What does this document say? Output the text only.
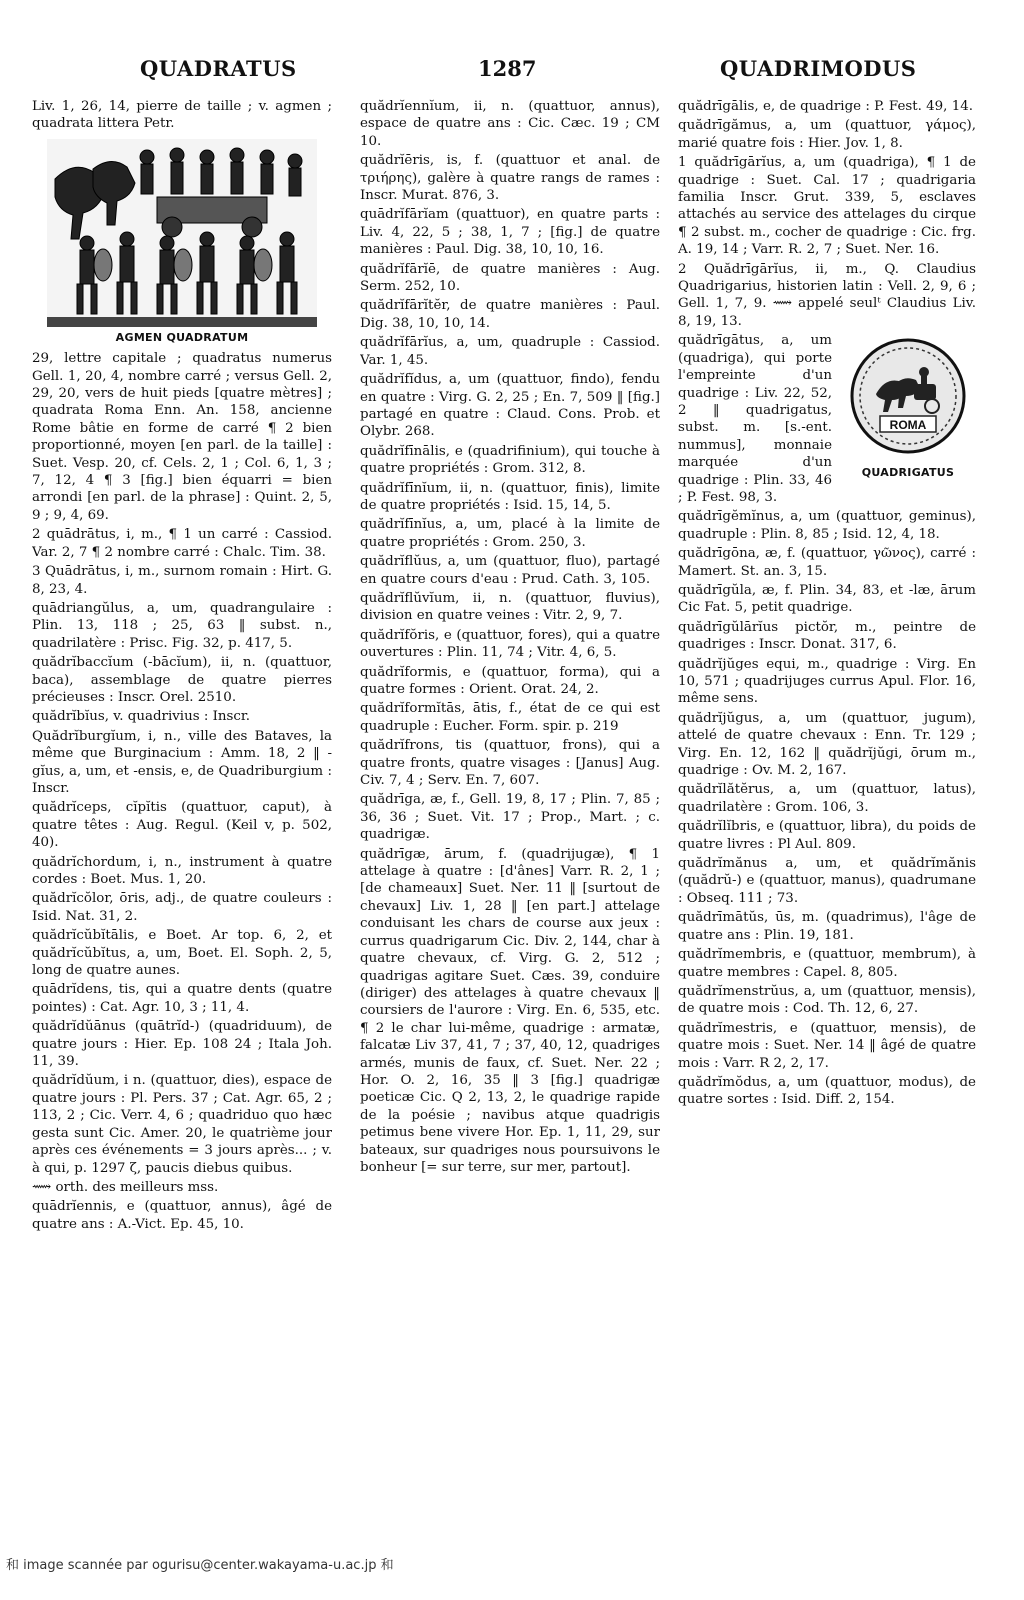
QUADRATUS	1287	QUADRIMODUS

Liv. 1, 26, 14, pierre de taille ; v. agmen ; quadrata littera Petr.

AGMEN QUADRATUM

29, lettre capitale ; quadratus numerus Gell. 1, 20, 4, nombre carré ; versus Gell. 2, 29, 20, vers de huit pieds [quatre mètres] ; quadrata Roma Enn. An. 158, ancienne Rome bâtie en forme de carré ¶ 2 bien proportionné, moyen [en parl. de la taille] : Suet. Vesp. 20, cf. Cels. 2, 1 ; Col. 6, 1, 3 ; 7, 12, 4 ¶ 3 [fig.] bien équarri = bien arrondi [en parl. de la phrase] : Quint. 2, 5, 9 ; 9, 4, 69.

2 quādrātus, i, m., ¶ 1 un carré : Cassiod. Var. 2, 7 ¶ 2 nombre carré : Chalc. Tim. 38.

3 Quādrātus, i, m., surnom romain : Hirt. G. 8, 23, 4.

quādriangŭlus, a, um, quadrangulaire : Plin. 13, 118 ; 25, 63 ‖ subst. n., quadrilatère : Prisc. Fig. 32, p. 417, 5.

quădrĭbaccĭum (-bācĭum), ii, n. (quattuor, baca), assemblage de quatre pierres précieuses : Inscr. Orel. 2510.

quădrĭbĭus, v. quadrivius : Inscr.

Quădrĭburgĭum, i, n., ville des Bataves, la même que Burginacium : Amm. 18, 2 ‖ -gĭus, a, um, et -ensis, e, de Quadriburgium : Inscr.

quădrĭceps, cĭpĭtis (quattuor, caput), à quatre têtes : Aug. Regul. (Keil v, p. 502, 40).

quădrĭchordum, i, n., instrument à quatre cordes : Boet. Mus. 1, 20.

quădrĭcŏlor, ōris, adj., de quatre couleurs : Isid. Nat. 31, 2.

quădrĭcŭbĭtālis, e Boet. Ar top. 6, 2, et quădrĭcŭbĭtus, a, um, Boet. El. Soph. 2, 5, long de quatre aunes.

quādrĭdens, tis, qui a quatre dents (quatre pointes) : Cat. Agr. 10, 3 ; 11, 4.

quădrĭdŭānus (quātrĭd-) (quadriduum), de quatre jours : Hier. Ep. 108 24 ; Itala Joh. 11, 39.

quădrĭdŭum, i n. (quattuor, dies), espace de quatre jours : Pl. Pers. 37 ; Cat. Agr. 65, 2 ; 113, 2 ; Cic. Verr. 4, 6 ; quadriduo quo hæc gesta sunt Cic. Amer. 20, le quatrième jour après ces événements = 3 jours après... ; v. à qui, p. 1297 ζ, paucis diebus quibus.

⟿ orth. des meilleurs mss.

quādrĭennis, e (quattuor, annus), âgé de quatre ans : A.-Vict. Ep. 45, 10.

quădrĭennĭum, ii, n. (quattuor, annus), espace de quatre ans : Cic. Cæc. 19 ; CM 10.

quădrĭēris, is, f. (quattuor et anal. de τριήρης), galère à quatre rangs de rames : Inscr. Murat. 876, 3.

quādrĭfārĭam (quattuor), en quatre parts : Liv. 4, 22, 5 ; 38, 1, 7 ; [fig.] de quatre manières : Paul. Dig. 38, 10, 10, 16.

quădrĭfārĭē, de quatre manières : Aug. Serm. 252, 10.

quădrĭfārĭtĕr, de quatre manières : Paul. Dig. 38, 10, 10, 14.

quădrĭfārĭus, a, um, quadruple : Cassiod. Var. 1, 45.

quădrĭfĭdus, a, um (quattuor, findo), fendu en quatre : Virg. G. 2, 25 ; En. 7, 509 ‖ [fig.] partagé en quatre : Claud. Cons. Prob. et Olybr. 268.

quădrĭfīnālis, e (quadrifinium), qui touche à quatre propriétés : Grom. 312, 8.

quădrĭfīnĭum, ii, n. (quattuor, finis), limite de quatre propriétés : Isid. 15, 14, 5.

quădrĭfīnĭus, a, um, placé à la limite de quatre propriétés : Grom. 250, 3.

quădrĭflŭus, a, um (quattuor, fluo), partagé en quatre cours d'eau : Prud. Cath. 3, 105.

quădrĭflŭvĭum, ii, n. (quattuor, fluvius), division en quatre veines : Vitr. 2, 9, 7.

quădrĭfŏris, e (quattuor, fores), qui a quatre ouvertures : Plin. 11, 74 ; Vitr. 4, 6, 5.

quădrĭformis, e (quattuor, forma), qui a quatre formes : Orient. Orat. 24, 2.

quădrĭformĭtās, ātis, f., état de ce qui est quadruple : Eucher. Form. spir. p. 219

quădrĭfrons, tis (quattuor, frons), qui a quatre fronts, quatre visages : [Janus] Aug. Civ. 7, 4 ; Serv. En. 7, 607.

quădrīga, æ, f., Gell. 19, 8, 17 ; Plin. 7, 85 ; 36, 36 ; Suet. Vit. 17 ; Prop., Mart. ; c. quadrigæ.

quădrīgæ, ārum, f. (quadrijugæ), ¶ 1 attelage à quatre : [d'ânes] Varr. R. 2, 1 ; [de chameaux] Suet. Ner. 11 ‖ [surtout de chevaux] Liv. 1, 28 ‖ [en part.] attelage conduisant les chars de course aux jeux : currus quadrigarum Cic. Div. 2, 144, char à quatre chevaux, cf. Virg. G. 2, 512 ; quadrigas agitare Suet. Cæs. 39, conduire (diriger) des attelages à quatre chevaux ‖ coursiers de l'aurore : Virg. En. 6, 535, etc. ¶ 2 le char lui-même, quadrige : armatæ, falcatæ Liv 37, 41, 7 ; 37, 40, 12, quadriges armés, munis de faux, cf. Suet. Ner. 22 ; Hor. O. 2, 16, 35 ‖ 3 [fig.] quadrigæ poeticæ Cic. Q 2, 13, 2, le quadrige rapide de la poésie ; navibus atque quadrigis petimus bene vivere Hor. Ep. 1, 11, 29, sur bateaux, sur quadriges nous poursuivons le bonheur [= sur terre, sur mer, partout].

quădrīgālis, e, de quadrige : P. Fest. 49, 14.

quădrīgămus, a, um (quattuor, γάμος), marié quatre fois : Hier. Jov. 1, 8.

1 quădrīgārĭus, a, um (quadriga), ¶ 1 de quadrige : Suet. Cal. 17 ; quadrigaria familia Inscr. Grut. 339, 5, esclaves attachés au service des attelages du cirque ¶ 2 subst. m., cocher de quadrige : Cic. frg. A. 19, 14 ; Varr. R. 2, 7 ; Suet. Ner. 16.

2 Quădrīgārĭus, ii, m., Q. Claudius Quadrigarius, historien latin : Vell. 2, 9, 6 ; Gell. 1, 7, 9. ⟿ appelé seulᵗ Claudius Liv. 8, 19, 13.

ROMA
QUADRIGATUS

quădrīgātus, a, um (quadriga), qui porte l'empreinte d'un quadrige : Liv. 22, 52, 2 ‖ quadrigatus, subst. m. [s.-ent. nummus], monnaie marquée d'un quadrige : Plin. 33, 46 ; P. Fest. 98, 3.

quădrīgĕmĭnus, a, um (quattuor, geminus), quadruple : Plin. 8, 85 ; Isid. 12, 4, 18.

quădrīgōna, æ, f. (quattuor, γῶνος), carré : Mamert. St. an. 3, 15.

quădrīgŭla, æ, f. Plin. 34, 83, et -læ, ārum Cic Fat. 5, petit quadrige.

quădrīgŭlārĭus pictŏr, m., peintre de quadriges : Inscr. Donat. 317, 6.

quădrĭjŭges equi, m., quadrige : Virg. En 10, 571 ; quadrijuges currus Apul. Flor. 16, même sens.

quădrĭjŭgus, a, um (quattuor, jugum), attelé de quatre chevaux : Enn. Tr. 129 ; Virg. En. 12, 162 ‖ quădrĭjŭgi, ōrum m., quadrige : Ov. M. 2, 167.

quădrĭlătĕrus, a, um (quattuor, latus), quadrilatère : Grom. 106, 3.

quădrĭlĭbris, e (quattuor, libra), du poids de quatre livres : Pl Aul. 809.

quădrĭmănus a, um, et quădrĭmănis (quădrŭ-) e (quattuor, manus), quadrumane : Obseq. 111 ; 73.

quădrīmātŭs, ūs, m. (quadrimus), l'âge de quatre ans : Plin. 19, 181.

quădrĭmembris, e (quattuor, membrum), à quatre membres : Capel. 8, 805.

quădrĭmenstrŭus, a, um (quattuor, mensis), de quatre mois : Cod. Th. 12, 6, 27.

quădrĭmestris, e (quattuor, mensis), de quatre mois : Suet. Ner. 14 ‖ âgé de quatre mois : Varr. R 2, 2, 17.

quădrĭmŏdus, a, um (quattuor, modus), de quatre sortes : Isid. Diff. 2, 154.

和 image scannée par ogurisu@center.wakayama-u.ac.jp 和
